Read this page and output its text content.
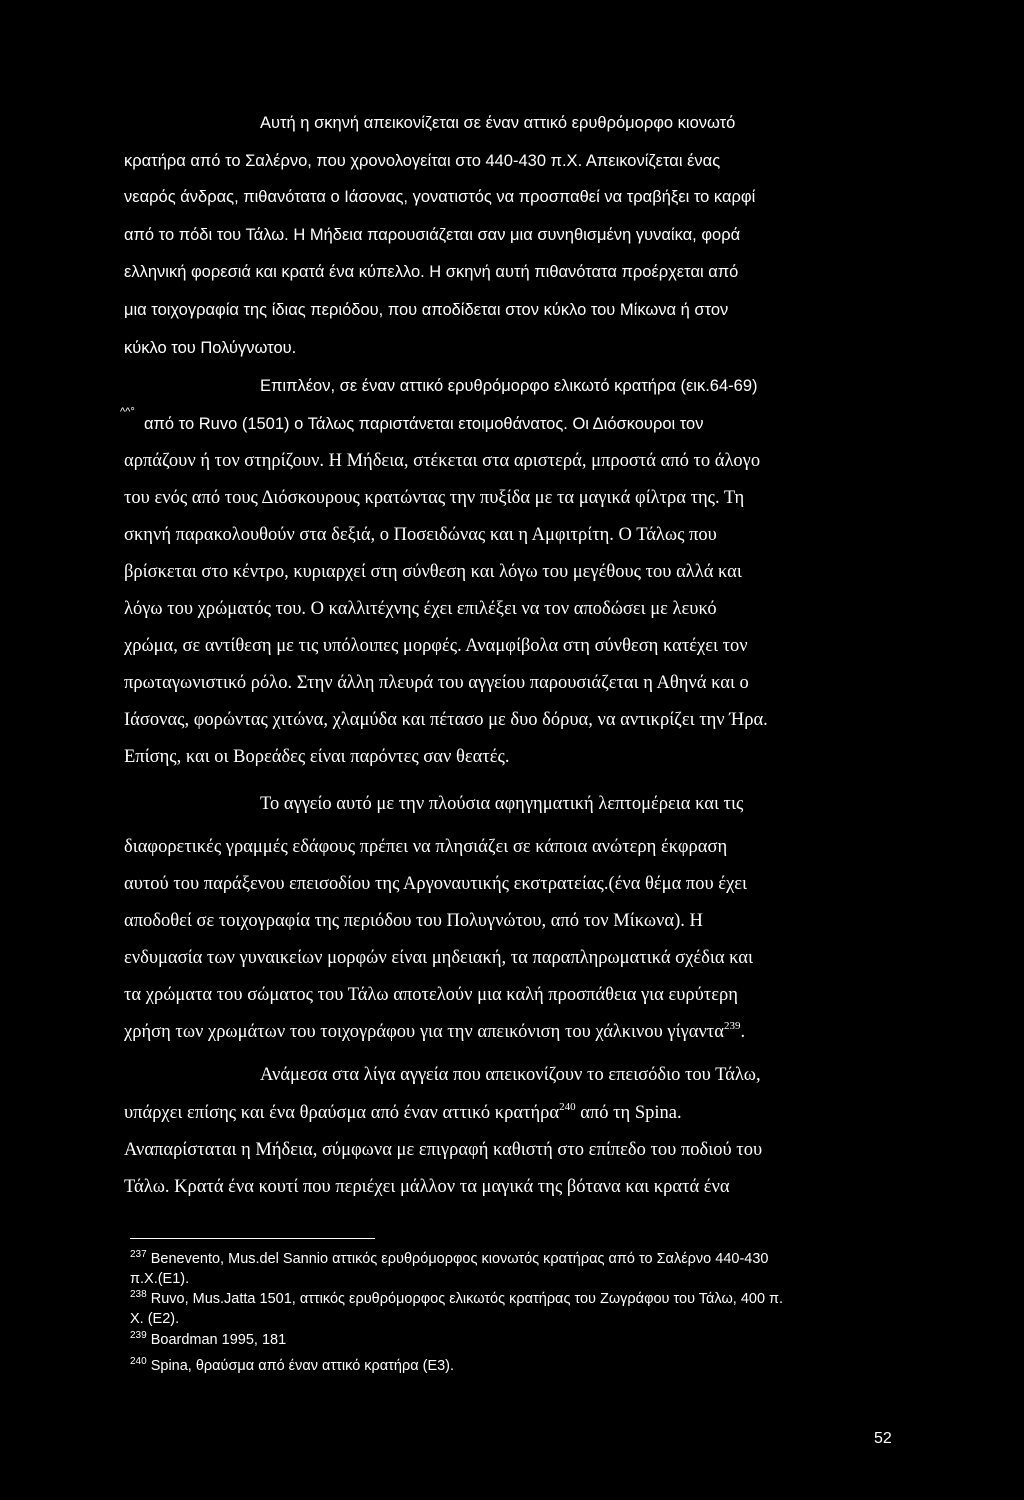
Αυτή η σκηνή απεικονίζεται σε έναν αττικό ερυθρόμορφο κιονωτό
κρατήρα από το Σαλέρνο, που χρονολογείται στο 440-430 π.Χ. Απεικονίζεται ένας
νεαρός άνδρας, πιθανότατα ο Ιάσονας, γονατιστός να προσπαθεί να τραβήξει το καρφί
από το πόδι του Τάλω. Η Μήδεια παρουσιάζεται σαν μια συνηθισμένη γυναίκα, φορά
ελληνική φορεσιά και κρατά ένα κύπελλο. Η σκηνή αυτή πιθανότατα προέρχεται από
μια τοιχογραφία της ίδιας περιόδου, που αποδίδεται στον κύκλο του Μίκωνα ή στον
κύκλο του Πολύγνωτου.
Επιπλέον, σε έναν αττικό ερυθρόμορφο ελικωτό κρατήρα (εικ.64-69)
^^°
από το Ruvo (1501) ο Τάλως παριστάνεται ετοιμοθάνατος. Οι Διόσκουροι τον
αρπάζουν ή τον στηρίζουν. Η Μήδεια, στέκεται στα αριστερά, μπροστά από το άλογο
του ενός από τους Διόσκουρους κρατώντας την πυξίδα με τα μαγικά φίλτρα της. Τη
σκηνή παρακολουθούν στα δεξιά, ο Ποσειδώνας και η Αμφιτρίτη. Ο Τάλως που
βρίσκεται στο κέντρο, κυριαρχεί στη σύνθεση και λόγω του μεγέθους του αλλά και
λόγω του χρώματός του. Ο καλλιτέχνης έχει επιλέξει να τον αποδώσει με λευκό
χρώμα, σε αντίθεση με τις υπόλοιπες μορφές. Αναμφίβολα στη σύνθεση κατέχει τον
πρωταγωνιστικό ρόλο. Στην άλλη πλευρά του αγγείου παρουσιάζεται η Αθηνά και ο
Ιάσονας, φορώντας χιτώνα, χλαμύδα και πέτασο με δυο δόρυα, να αντικρίζει την Ήρα.
Επίσης, και οι Βορεάδες είναι παρόντες σαν θεατές.
Το αγγείο αυτό με την πλούσια αφηγηματική λεπτομέρεια και τις
διαφορετικές γραμμές εδάφους πρέπει να πλησιάζει σε κάποια ανώτερη έκφραση
αυτού του παράξενου επεισοδίου της Αργοναυτικής εκστρατείας.(ένα θέμα που έχει
αποδοθεί σε τοιχογραφία της περιόδου του Πολυγνώτου, από τον Μίκωνα). Η
ενδυμασία των γυναικείων μορφών είναι μηδειακή, τα παραπληρωματικά σχέδια και
τα χρώματα του σώματος του Τάλω αποτελούν μια καλή προσπάθεια για ευρύτερη
χρήση των χρωμάτων του τοιχογράφου για την απεικόνιση του χάλκινου γίγαντα$^{239}$.
Ανάμεσα στα λίγα αγγεία που απεικονίζουν το επεισόδιο του Τάλω,
υπάρχει επίσης και ένα θραύσμα από έναν αττικό κρατήρα$^{240}$ από τη Spina.
Αναπαρίσταται η Μήδεια, σύμφωνα με επιγραφή καθιστή στο επίπεδο του ποδιού του
Τάλω. Κρατά ένα κουτί που περιέχει μάλλον τα μαγικά της βότανα και κρατά ένα
$^{237}$ Benevento, Mus.del Sannio αττικός ερυθρόμορφος κιονωτός κρατήρας από το Σαλέρνο 440-430
π.Χ.(Ε1).
$^{238}$ Ruvo, Mus.Jatta 1501, αττικός ερυθρόμορφος ελικωτός κρατήρας του Ζωγράφου του Τάλω, 400 π.
Χ. (Ε2).
$^{239}$ Boardman 1995, 181
$^{240}$ Spina, θραύσμα από έναν αττικό κρατήρα (Ε3).
52
